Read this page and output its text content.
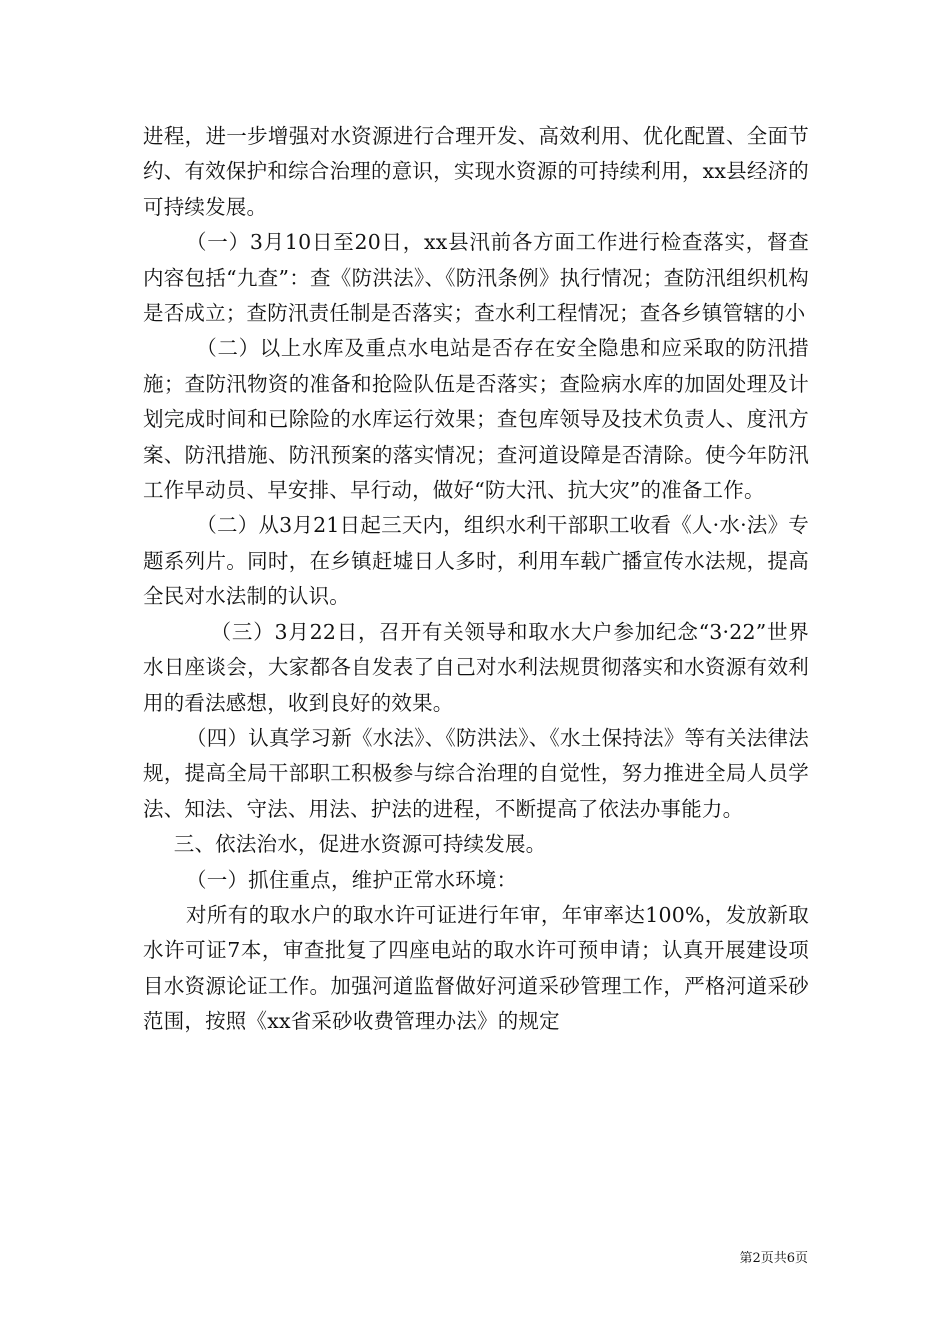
进程，进一步增强对水资源进行合理开发、高效利用、优化配置、全面节约、有效保护和综合治理的意识，实现水资源的可持续利用，xx县经济的可持续发展。

（一）3月10日至20日，xx县汛前各方面工作进行检查落实，督查内容包括“九查”：查《防洪法》、《防汛条例》执行情况；查防汛组织机构是否成立；查防汛责任制是否落实；查水利工程情况；查各乡镇管辖的小

（二）以上水库及重点水电站是否存在安全隐患和应采取的防汛措施；查防汛物资的准备和抢险队伍是否落实；查险病水库的加固处理及计划完成时间和已除险的水库运行效果；查包库领导及技术负责人、度汛方案、防汛措施、防汛预案的落实情况；查河道设障是否清除。使今年防汛工作早动员、早安排、早行动，做好“防大汛、抗大灾”的准备工作。

（二）从3月21日起三天内，组织水利干部职工收看《人·水·法》专题系列片。同时，在乡镇赶墟日人多时，利用车载广播宣传水法规，提高全民对水法制的认识。

（三）3月22日，召开有关领导和取水大户参加纪念“3·22”世界水日座谈会，大家都各自发表了自己对水利法规贯彻落实和水资源有效利用的看法感想，收到良好的效果。

（四）认真学习新《水法》、《防洪法》、《水土保持法》等有关法律法规，提高全局干部职工积极参与综合治理的自觉性，努力推进全局人员学法、知法、守法、用法、护法的进程，不断提高了依法办事能力。

三、依法治水，促进水资源可持续发展。

（一）抓住重点，维护正常水环境：

对所有的取水户的取水许可证进行年审，年审率达100%，发放新取水许可证7本，审查批复了四座电站的取水许可预申请；认真开展建设项目水资源论证工作。加强河道监督做好河道采砂管理工作，严格河道采砂范围，按照《xx省采砂收费管理办法》的规定

第2页共6页
